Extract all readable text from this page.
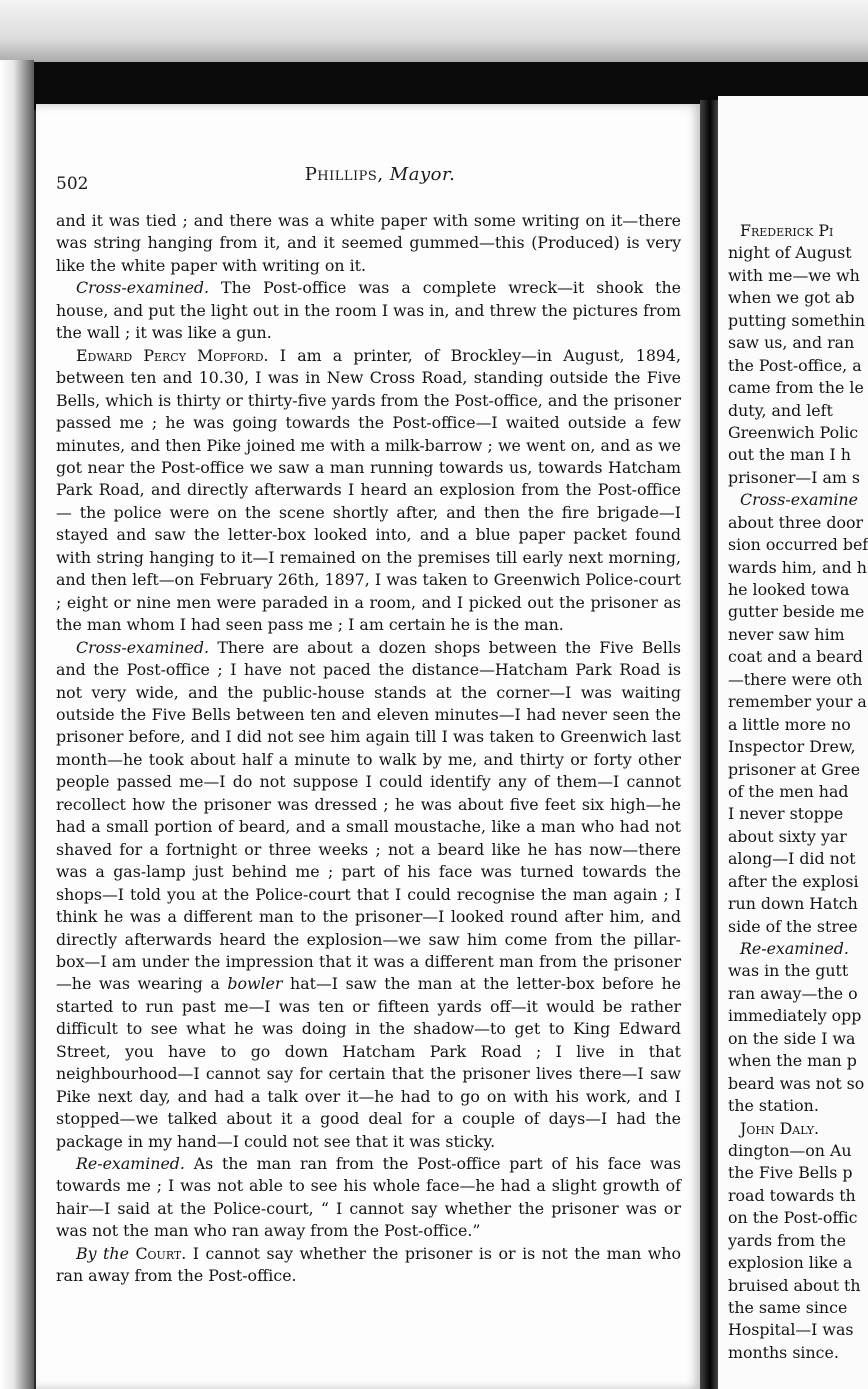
502	Phillips, Mayor.

and it was tied ; and there was a white paper with some writing on it—there was string hanging from it, and it seemed gummed—this (Produced) is very like the white paper with writing on it.

Cross-examined. The Post-office was a complete wreck—it shook the house, and put the light out in the room I was in, and threw the pictures from the wall ; it was like a gun.

Edward Percy Mopford. I am a printer, of Brockley—in August, 1894, between ten and 10.30, I was in New Cross Road, standing outside the Five Bells, which is thirty or thirty-five yards from the Post-office, and the prisoner passed me ; he was going towards the Post-office—I waited outside a few minutes, and then Pike joined me with a milk-barrow ; we went on, and as we got near the Post-office we saw a man running towards us, towards Hatcham Park Road, and directly afterwards I heard an explosion from the Post-office — the police were on the scene shortly after, and then the fire brigade—I stayed and saw the letter-box looked into, and a blue paper packet found with string hanging to it—I remained on the premises till early next morning, and then left—on February 26th, 1897, I was taken to Greenwich Police-court ; eight or nine men were paraded in a room, and I picked out the prisoner as the man whom I had seen pass me ; I am certain he is the man.

Cross-examined. There are about a dozen shops between the Five Bells and the Post-office ; I have not paced the distance—Hatcham Park Road is not very wide, and the public-house stands at the corner—I was waiting outside the Five Bells between ten and eleven minutes—I had never seen the prisoner before, and I did not see him again till I was taken to Greenwich last month—he took about half a minute to walk by me, and thirty or forty other people passed me—I do not suppose I could identify any of them—I cannot recollect how the prisoner was dressed ; he was about five feet six high—he had a small portion of beard, and a small moustache, like a man who had not shaved for a fortnight or three weeks ; not a beard like he has now—there was a gas-lamp just behind me ; part of his face was turned towards the shops—I told you at the Police-court that I could recognise the man again ; I think he was a different man to the prisoner—I looked round after him, and directly afterwards heard the explosion—we saw him come from the pillar-box—I am under the impression that it was a different man from the prisoner—he was wearing a bowler hat—I saw the man at the letter-box before he started to run past me—I was ten or fifteen yards off—it would be rather difficult to see what he was doing in the shadow—to get to King Edward Street, you have to go down Hatcham Park Road ; I live in that neighbourhood—I cannot say for certain that the prisoner lives there—I saw Pike next day, and had a talk over it—he had to go on with his work, and I stopped—we talked about it a good deal for a couple of days—I had the package in my hand—I could not see that it was sticky.

Re-examined. As the man ran from the Post-office part of his face was towards me ; I was not able to see his whole face—he had a slight growth of hair—I said at the Police-court, “ I cannot say whether the prisoner was or was not the man who ran away from the Post-office.”

By the Court. I cannot say whether the prisoner is or is not the man who ran away from the Post-office.

Frederick Pi
night of August
with me—we wh
when we got ab
putting somethin
saw us, and ran
the Post-office, a
came from the le
duty, and left
Greenwich Polic
out the man I h
prisoner—I am s
Cross-examine
about three door
sion occurred bef
wards him, and h
he looked towa
gutter beside me
never saw him
coat and a beard
—there were oth
remember your a
a little more no
Inspector Drew,
prisoner at Gree
of the men had
I never stoppe
about sixty yar
along—I did not
after the explosi
run down Hatch
side of the stree
Re-examined.
was in the gutt
ran away—the o
immediately opp
on the side I wa
when the man p
beard was not so
the station.
John Daly.
dington—on Au
the Five Bells p
road towards th
on the Post-offic
yards from the
explosion like a
bruised about th
the same since
Hospital—I was
months since.
